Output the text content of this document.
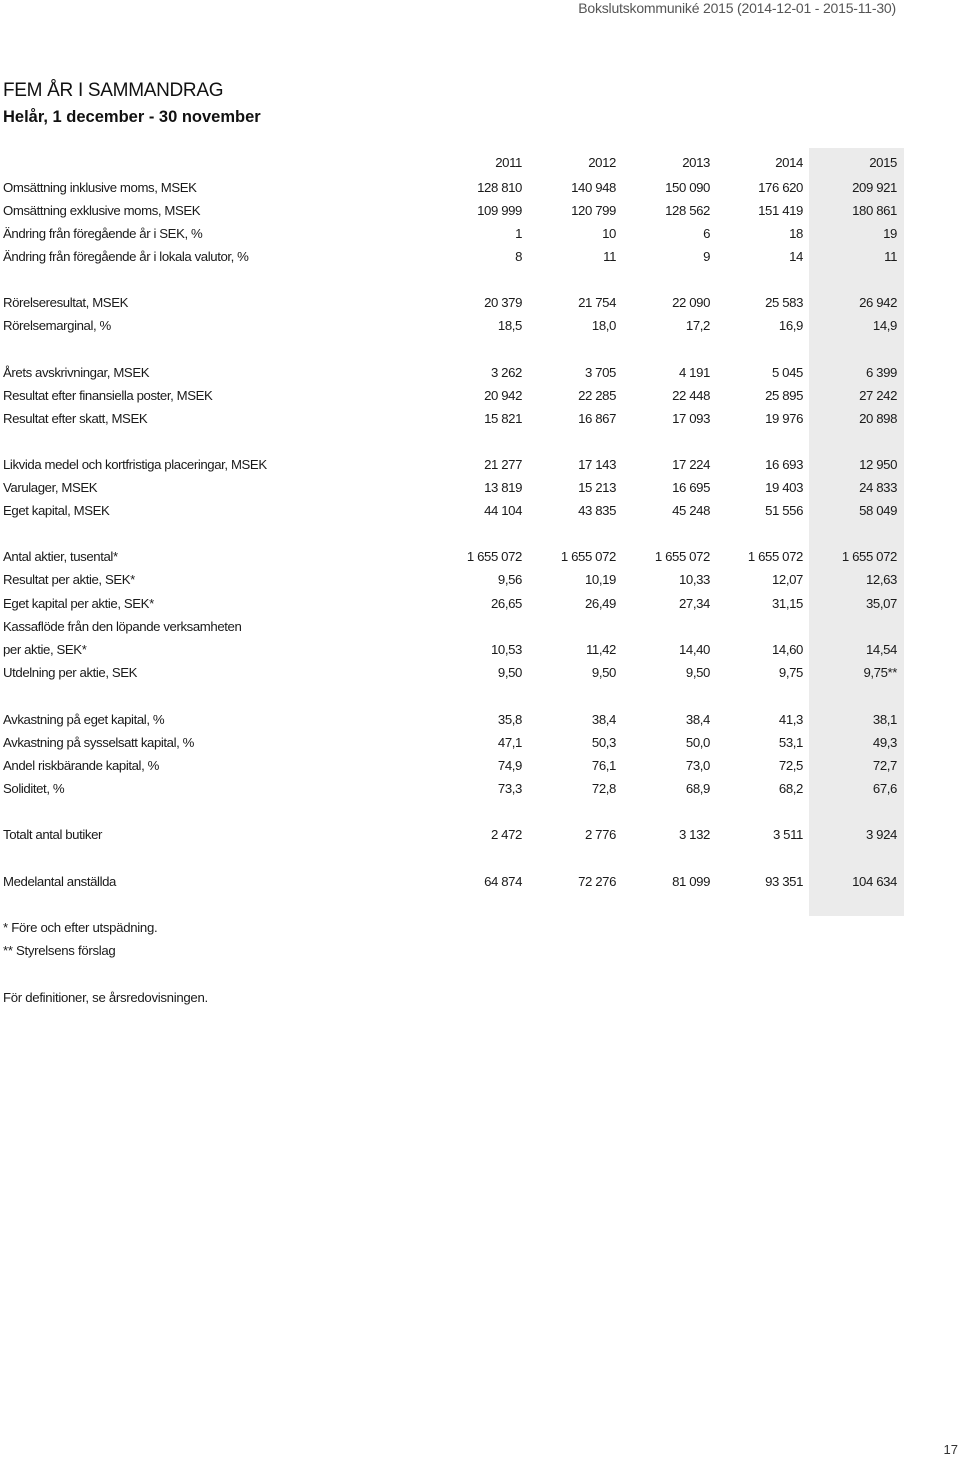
Bokslutskommuniké 2015 (2014-12-01 - 2015-11-30)
FEM ÅR I SAMMANDRAG
Helår, 1 december - 30 november
2011	2012	2013	2014	2015
Omsättning inklusive moms, MSEK	128 810	140 948	150 090	176 620	209 921
Omsättning exklusive moms, MSEK	109 999	120 799	128 562	151 419	180 861
Ändring från föregående år i SEK, %	1	10	6	18	19
Ändring från föregående år i lokala valutor, %	8	11	9	14	11
Rörelseresultat, MSEK	20 379	21 754	22 090	25 583	26 942
Rörelsemarginal, %	18,5	18,0	17,2	16,9	14,9
Årets avskrivningar, MSEK	3 262	3 705	4 191	5 045	6 399
Resultat efter finansiella poster, MSEK	20 942	22 285	22 448	25 895	27 242
Resultat efter skatt, MSEK	15 821	16 867	17 093	19 976	20 898
Likvida medel och kortfristiga placeringar, MSEK	21 277	17 143	17 224	16 693	12 950
Varulager, MSEK	13 819	15 213	16 695	19 403	24 833
Eget kapital, MSEK	44 104	43 835	45 248	51 556	58 049
Antal aktier, tusental*	1 655 072	1 655 072	1 655 072	1 655 072	1 655 072
Resultat per aktie, SEK*	9,56	10,19	10,33	12,07	12,63
Eget kapital per aktie, SEK*	26,65	26,49	27,34	31,15	35,07
Kassaflöde från den löpande verksamheten
per aktie, SEK*	10,53	11,42	14,40	14,60	14,54
Utdelning per aktie, SEK	9,50	9,50	9,50	9,75	9,75**
Avkastning på eget kapital, %	35,8	38,4	38,4	41,3	38,1
Avkastning på sysselsatt kapital, %	47,1	50,3	50,0	53,1	49,3
Andel riskbärande kapital, %	74,9	76,1	73,0	72,5	72,7
Soliditet, %	73,3	72,8	68,9	68,2	67,6
Totalt antal butiker	2 472	2 776	3 132	3 511	3 924
Medelantal anställda	64 874	72 276	81 099	93 351	104 634
* Före och efter utspädning.
** Styrelsens förslag
För definitioner, se årsredovisningen.
17
